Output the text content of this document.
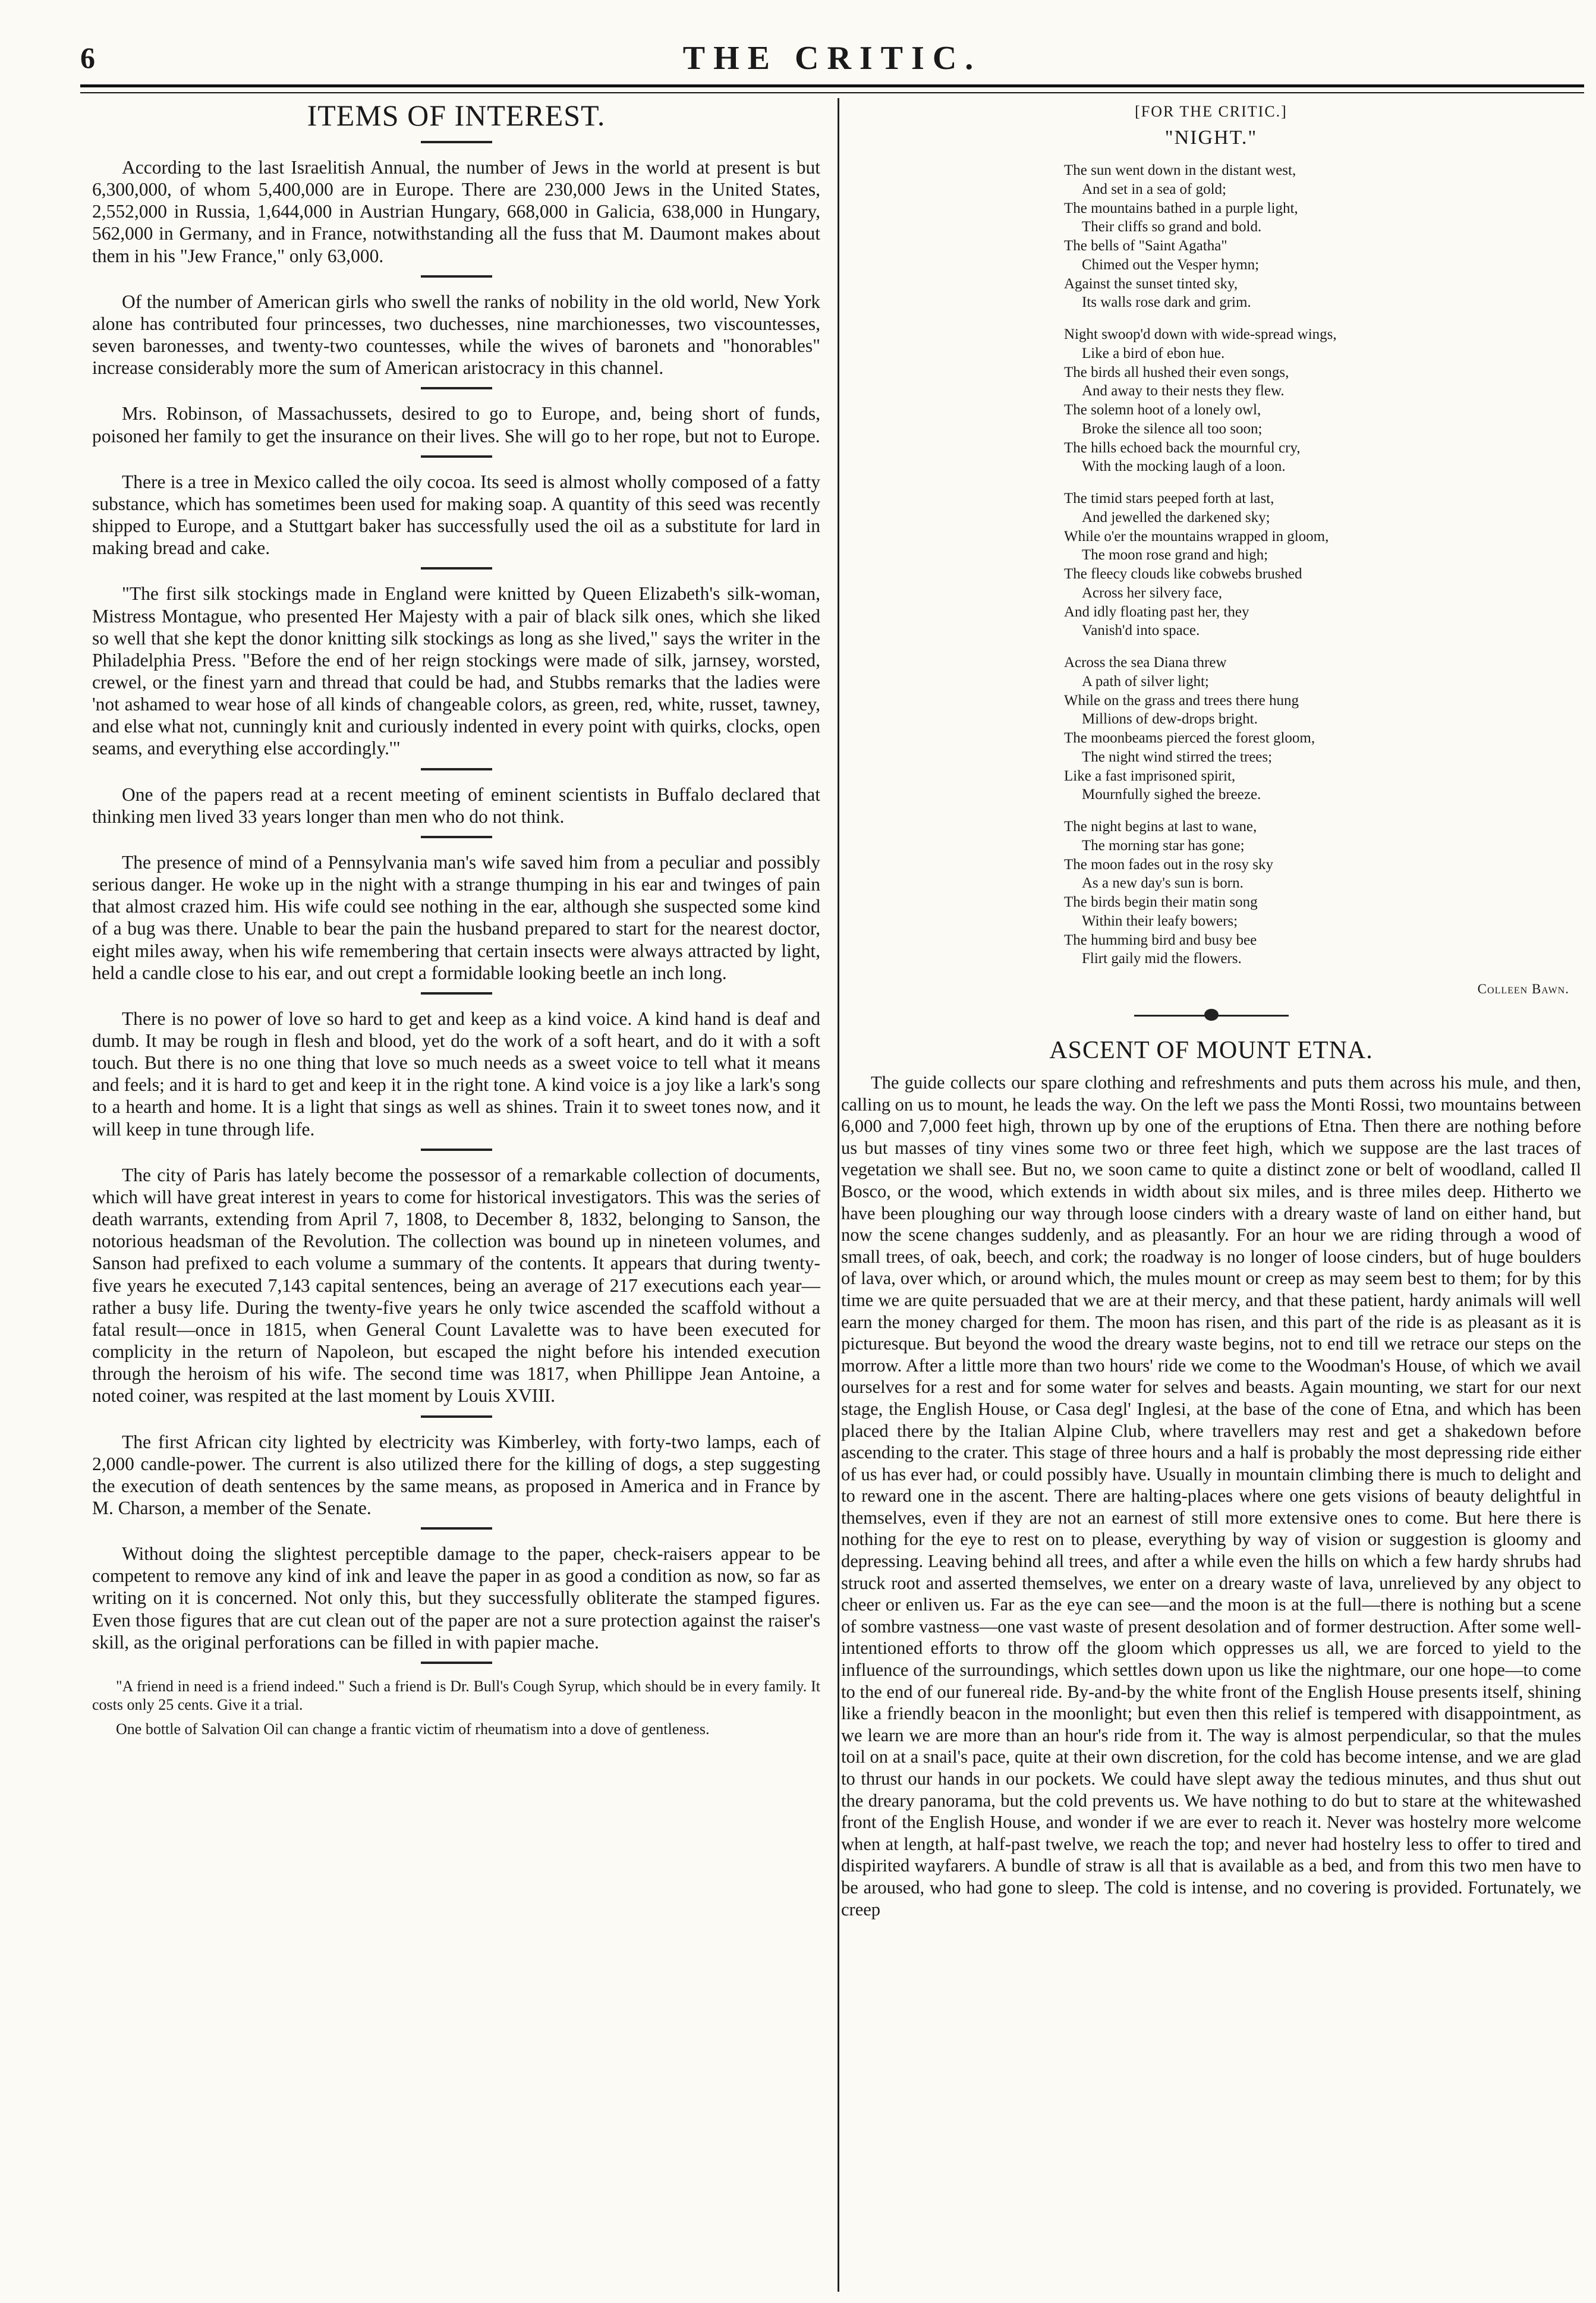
6	THE CRITIC.
ITEMS OF INTEREST.

According to the last Israelitish Annual, the number of Jews in the world at present is but 6,300,000, of whom 5,400,000 are in Europe. There are 230,000 Jews in the United States, 2,552,000 in Russia, 1,644,000 in Austrian Hungary, 668,000 in Galicia, 638,000 in Hungary, 562,000 in Germany, and in France, notwithstanding all the fuss that M. Daumont makes about them in his "Jew France," only 63,000.

Of the number of American girls who swell the ranks of nobility in the old world, New York alone has contributed four princesses, two duchesses, nine marchionesses, two viscountesses, seven baronesses, and twenty-two countesses, while the wives of baronets and "honorables" increase considerably more the sum of American aristocracy in this channel.

Mrs. Robinson, of Massachussets, desired to go to Europe, and, being short of funds, poisoned her family to get the insurance on their lives. She will go to her rope, but not to Europe.

There is a tree in Mexico called the oily cocoa. Its seed is almost wholly composed of a fatty substance, which has sometimes been used for making soap. A quantity of this seed was recently shipped to Europe, and a Stuttgart baker has successfully used the oil as a substitute for lard in making bread and cake.

"The first silk stockings made in England were knitted by Queen Elizabeth's silk-woman, Mistress Montague, who presented Her Majesty with a pair of black silk ones, which she liked so well that she kept the donor knitting silk stockings as long as she lived," says the writer in the Philadelphia Press. "Before the end of her reign stockings were made of silk, jarnsey, worsted, crewel, or the finest yarn and thread that could be had, and Stubbs remarks that the ladies were 'not ashamed to wear hose of all kinds of changeable colors, as green, red, white, russet, tawney, and else what not, cunningly knit and curiously indented in every point with quirks, clocks, open seams, and everything else accordingly.'"

One of the papers read at a recent meeting of eminent scientists in Buffalo declared that thinking men lived 33 years longer than men who do not think.

The presence of mind of a Pennsylvania man's wife saved him from a peculiar and possibly serious danger. He woke up in the night with a strange thumping in his ear and twinges of pain that almost crazed him. His wife could see nothing in the ear, although she suspected some kind of a bug was there. Unable to bear the pain the husband prepared to start for the nearest doctor, eight miles away, when his wife remembering that certain insects were always attracted by light, held a candle close to his ear, and out crept a formidable looking beetle an inch long.

There is no power of love so hard to get and keep as a kind voice. A kind hand is deaf and dumb. It may be rough in flesh and blood, yet do the work of a soft heart, and do it with a soft touch. But there is no one thing that love so much needs as a sweet voice to tell what it means and feels; and it is hard to get and keep it in the right tone. A kind voice is a joy like a lark's song to a hearth and home. It is a light that sings as well as shines. Train it to sweet tones now, and it will keep in tune through life.

The city of Paris has lately become the possessor of a remarkable collection of documents, which will have great interest in years to come for historical investigators. This was the series of death warrants, extending from April 7, 1808, to December 8, 1832, belonging to Sanson, the notorious headsman of the Revolution. The collection was bound up in nineteen volumes, and Sanson had prefixed to each volume a summary of the contents. It appears that during twenty-five years he executed 7,143 capital sentences, being an average of 217 executions each year—rather a busy life. During the twenty-five years he only twice ascended the scaffold without a fatal result—once in 1815, when General Count Lavalette was to have been executed for complicity in the return of Napoleon, but escaped the night before his intended execution through the heroism of his wife. The second time was 1817, when Phillippe Jean Antoine, a noted coiner, was respited at the last moment by Louis XVIII.

The first African city lighted by electricity was Kimberley, with forty-two lamps, each of 2,000 candle-power. The current is also utilized there for the killing of dogs, a step suggesting the execution of death sentences by the same means, as proposed in America and in France by M. Charson, a member of the Senate.

Without doing the slightest perceptible damage to the paper, check-raisers appear to be competent to remove any kind of ink and leave the paper in as good a condition as now, so far as writing on it is concerned. Not only this, but they successfully obliterate the stamped figures. Even those figures that are cut clean out of the paper are not a sure protection against the raiser's skill, as the original perforations can be filled in with papier mache.

"A friend in need is a friend indeed." Such a friend is Dr. Bull's Cough Syrup, which should be in every family. It costs only 25 cents. Give it a trial.

One bottle of Salvation Oil can change a frantic victim of rheumatism into a dove of gentleness.

[FOR THE CRITIC.]
"NIGHT."
The sun went down in the distant west,
And set in a sea of gold;
The mountains bathed in a purple light,
Their cliffs so grand and bold.
The bells of "Saint Agatha"
Chimed out the Vesper hymn;
Against the sunset tinted sky,
Its walls rose dark and grim.
Night swoop'd down with wide-spread wings,
Like a bird of ebon hue.
The birds all hushed their even songs,
And away to their nests they flew.
The solemn hoot of a lonely owl,
Broke the silence all too soon;
The hills echoed back the mournful cry,
With the mocking laugh of a loon.
The timid stars peeped forth at last,
And jewelled the darkened sky;
While o'er the mountains wrapped in gloom,
The moon rose grand and high;
The fleecy clouds like cobwebs brushed
Across her silvery face,
And idly floating past her, they
Vanish'd into space.
Across the sea Diana threw
A path of silver light;
While on the grass and trees there hung
Millions of dew-drops bright.
The moonbeams pierced the forest gloom,
The night wind stirred the trees;
Like a fast imprisoned spirit,
Mournfully sighed the breeze.
The night begins at last to wane,
The morning star has gone;
The moon fades out in the rosy sky
As a new day's sun is born.
The birds begin their matin song
Within their leafy bowers;
The humming bird and busy bee
Flirt gaily mid the flowers.
Colleen Bawn.
ASCENT OF MOUNT ETNA.

The guide collects our spare clothing and refreshments and puts them across his mule, and then, calling on us to mount, he leads the way. On the left we pass the Monti Rossi, two mountains between 6,000 and 7,000 feet high, thrown up by one of the eruptions of Etna. Then there are nothing before us but masses of tiny vines some two or three feet high, which we suppose are the last traces of vegetation we shall see. But no, we soon came to quite a distinct zone or belt of woodland, called Il Bosco, or the wood, which extends in width about six miles, and is three miles deep. Hitherto we have been ploughing our way through loose cinders with a dreary waste of land on either hand, but now the scene changes suddenly, and as pleasantly. For an hour we are riding through a wood of small trees, of oak, beech, and cork; the roadway is no longer of loose cinders, but of huge boulders of lava, over which, or around which, the mules mount or creep as may seem best to them; for by this time we are quite persuaded that we are at their mercy, and that these patient, hardy animals will well earn the money charged for them. The moon has risen, and this part of the ride is as pleasant as it is picturesque. But beyond the wood the dreary waste begins, not to end till we retrace our steps on the morrow. After a little more than two hours' ride we come to the Woodman's House, of which we avail ourselves for a rest and for some water for selves and beasts. Again mounting, we start for our next stage, the English House, or Casa degl' Inglesi, at the base of the cone of Etna, and which has been placed there by the Italian Alpine Club, where travellers may rest and get a shakedown before ascending to the crater. This stage of three hours and a half is probably the most depressing ride either of us has ever had, or could possibly have. Usually in mountain climbing there is much to delight and to reward one in the ascent. There are halting-places where one gets visions of beauty delightful in themselves, even if they are not an earnest of still more extensive ones to come. But here there is nothing for the eye to rest on to please, everything by way of vision or suggestion is gloomy and depressing. Leaving behind all trees, and after a while even the hills on which a few hardy shrubs had struck root and asserted themselves, we enter on a dreary waste of lava, unrelieved by any object to cheer or enliven us. Far as the eye can see—and the moon is at the full—there is nothing but a scene of sombre vastness—one vast waste of present desolation and of former destruction. After some well-intentioned efforts to throw off the gloom which oppresses us all, we are forced to yield to the influence of the surroundings, which settles down upon us like the nightmare, our one hope—to come to the end of our funereal ride. By-and-by the white front of the English House presents itself, shining like a friendly beacon in the moonlight; but even then this relief is tempered with disappointment, as we learn we are more than an hour's ride from it. The way is almost perpendicular, so that the mules toil on at a snail's pace, quite at their own discretion, for the cold has become intense, and we are glad to thrust our hands in our pockets. We could have slept away the tedious minutes, and thus shut out the dreary panorama, but the cold prevents us. We have nothing to do but to stare at the whitewashed front of the English House, and wonder if we are ever to reach it. Never was hostelry more welcome when at length, at half-past twelve, we reach the top; and never had hostelry less to offer to tired and dispirited wayfarers. A bundle of straw is all that is available as a bed, and from this two men have to be aroused, who had gone to sleep. The cold is intense, and no covering is provided. Fortunately, we creep
